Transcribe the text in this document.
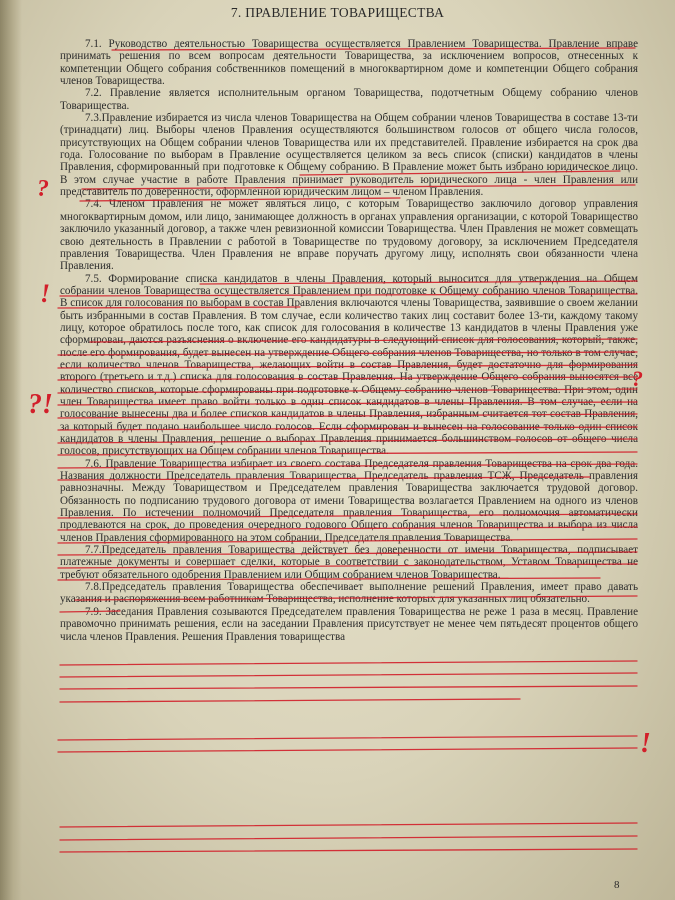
7. ПРАВЛЕНИЕ ТОВАРИЩЕСТВА

7.1. Руководство деятельностью Товарищества осуществляется Правлением Товарищества. Правление вправе принимать решения по всем вопросам деятельности Товарищества, за исключением вопросов, отнесенных к компетенции Общего собрания собственников помещений в многоквартирном доме и компетенции Общего собрания членов Товарищества.

7.2. Правление является исполнительным органом Товарищества, подотчетным Общему собранию членов Товарищества.

7.3.Правление избирается из числа членов Товарищества на Общем собрании членов Товарищества в составе 13-ти (тринадцати) лиц. Выборы членов Правления осуществляются большинством голосов от общего числа голосов, присутствующих на Общем собрании членов Товарищества или их представителей. Правление избирается на срок два года. Голосование по выборам в Правление осуществляется целиком за весь список (списки) кандидатов в члены Правления, сформированный при подготовке к Общему собранию. В Правление может быть избрано юридическое лицо. В этом случае участие в работе Правления принимает руководитель юридического лица - член Правления или представитель по доверенности, оформленной юридическим лицом – членом Правления.

7.4. Членом Правления не может являться лицо, с которым Товарищество заключило договор управления многоквартирным домом, или лицо, занимающее должность в органах управления организации, с которой Товарищество заключило указанный договор, а также член ревизионной комиссии Товарищества. Член Правления не может совмещать свою деятельность в Правлении с работой в Товариществе по трудовому договору, за исключением Председателя правления Товарищества. Член Правления не вправе поручать другому лицу, исполнять свои обязанности члена Правления.

7.5. Формирование списка кандидатов в члены Правления, который выносится для утверждения на Общем собрании членов Товарищества осуществляется Правлением при подготовке к Общему собранию членов Товарищества. В список для голосования по выборам в состав Правления включаются члены Товарищества, заявившие о своем желании быть избранными в состав Правления. В том случае, если количество таких лиц составит более 13-ти, каждому такому лицу, которое обратилось после того, как список для голосования в количестве 13 кандидатов в члены Правления уже сформирован, даются разъяснения о включение его кандидатуры в следующий список для голосования, который, также, после его формирования, будет вынесен на утверждение Общего собрания членов Товарищества, но только в том случае, если количество членов Товарищества, желающих войти в состав Правления, будет достаточно для формирования второго (третьего и т.д.) списка для голосования в состав Правления. На утверждение Общего собрания выносятся все количество списков, которые сформированы при подготовке к Общему собранию членов Товарищества. При этом, один член Товарищества имеет право войти только в один список кандидатов в члены Правления. В том случае, если на голосование вынесены два и более списков кандидатов в члены Правления, избранным считается тот состав Правления, за который будет подано наибольшее число голосов. Если сформирован и вынесен на голосование только один список кандидатов в члены Правления, решение о выборах Правления принимается большинством голосов от общего числа голосов, присутствующих на Общем собрании членов Товарищества.

7.6. Правление Товарищества избирает из своего состава Председателя правления Товарищества на срок два года. Названия должности Председатель правления Товарищества, Председатель правления ТСЖ, Председатель правления равнозначны. Между Товариществом и Председателем правления Товарищества заключается трудовой договор. Обязанность по подписанию трудового договора от имени Товарищества возлагается Правлением на одного из членов Правления. По истечении полномочий Председателя правления Товарищества, его полномочия автоматически продлеваются на срок, до проведения очередного годового Общего собрания членов Товарищества и выбора из числа членов Правления сформированного на этом собрании, Председателя правления Товарищества.

7.7.Председатель правления Товарищества действует без доверенности от имени Товарищества, подписывает платежные документы и совершает сделки, которые в соответствии с законодательством, Уставом Товарищества не требуют обязательного одобрения Правлением или Общим собранием членов Товарищества.

7.8.Председатель правления Товарищества обеспечивает выполнение решений Правления, имеет право давать указания и распоряжения всем работникам Товарищества, исполнение которых для указанных лиц обязательно.

7.9. Заседания Правления созываются Председателем правления Товарищества не реже 1 раза в месяц. Правление правомочно принимать решения, если на заседании Правления присутствует не менее чем пятьдесят процентов общего числа членов Правления. Решения Правления товарищества

8
?
!
?!
?
!
